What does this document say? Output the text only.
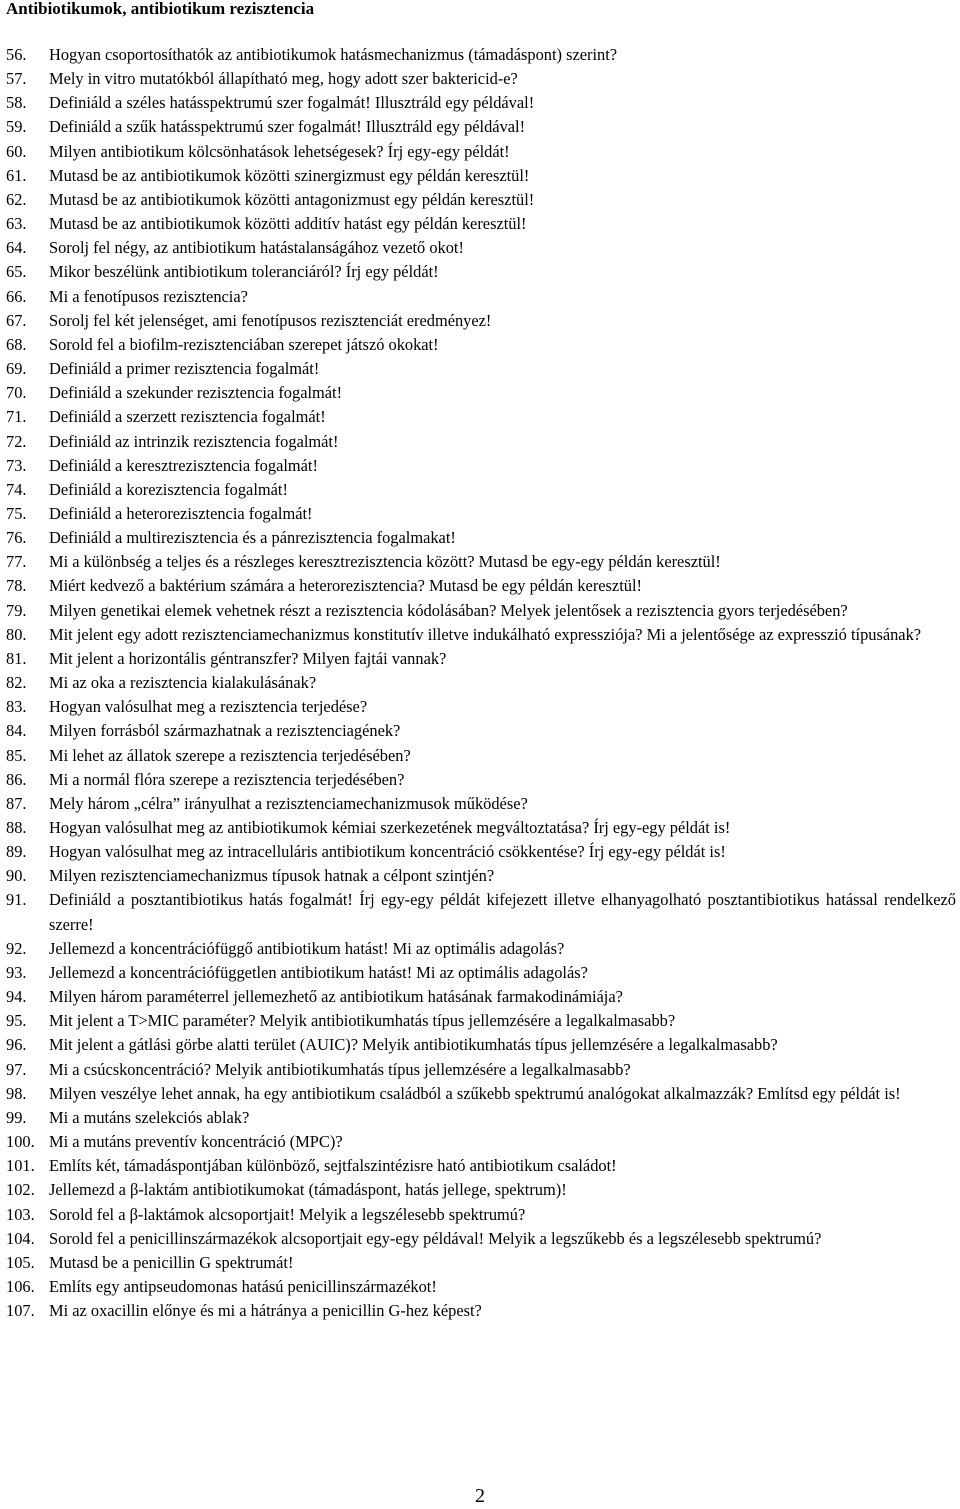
Antibiotikumok, antibiotikum rezisztencia
56.	Hogyan csoportosíthatók az antibiotikumok hatásmechanizmus (támadáspont) szerint?
57.	Mely in vitro mutatókból állapítható meg, hogy adott szer baktericid-e?
58.	Definiáld a széles hatásspektrumú szer fogalmát! Illusztráld egy példával!
59.	Definiáld a szűk hatásspektrumú szer fogalmát! Illusztráld egy példával!
60.	Milyen antibiotikum kölcsönhatások lehetségesek? Írj egy-egy példát!
61.	Mutasd be az antibiotikumok közötti szinergizmust egy példán keresztül!
62.	Mutasd be az antibiotikumok közötti antagonizmust egy példán keresztül!
63.	Mutasd be az antibiotikumok közötti additív hatást egy példán keresztül!
64.	Sorolj fel négy, az antibiotikum hatástalanságához vezető okot!
65.	Mikor beszélünk antibiotikum toleranciáról? Írj egy példát!
66.	Mi a fenotípusos rezisztencia?
67.	Sorolj fel két jelenséget, ami fenotípusos rezisztenciát eredményez!
68.	Sorold fel a biofilm-rezisztenciában szerepet játszó okokat!
69.	Definiáld a primer rezisztencia fogalmát!
70.	Definiáld a szekunder rezisztencia fogalmát!
71.	Definiáld a szerzett rezisztencia fogalmát!
72.	Definiáld az intrinzik rezisztencia fogalmát!
73.	Definiáld a keresztrezisztencia fogalmát!
74.	Definiáld a korezisztencia fogalmát!
75.	Definiáld a heterorezisztencia fogalmát!
76.	Definiáld a multirezisztencia és a pánrezisztencia fogalmakat!
77.	Mi a különbség a teljes és a részleges keresztrezisztencia között? Mutasd be egy-egy példán keresztül!
78.	Miért kedvező a baktérium számára a heterorezisztencia? Mutasd be egy példán keresztül!
79.	Milyen genetikai elemek vehetnek részt a rezisztencia kódolásában? Melyek jelentősek a rezisztencia gyors terjedésében?
80.	Mit jelent egy adott rezisztenciamechanizmus konstitutív illetve indukálható expressziója? Mi a jelentősége az expresszió típusának?
81.	Mit jelent a horizontális géntranszfer? Milyen fajtái vannak?
82.	Mi az oka a rezisztencia kialakulásának?
83.	Hogyan valósulhat meg a rezisztencia terjedése?
84.	Milyen forrásból származhatnak a rezisztenciagének?
85.	Mi lehet az állatok szerepe a rezisztencia terjedésében?
86.	Mi a normál flóra szerepe a rezisztencia terjedésében?
87.	Mely három „célra” irányulhat a rezisztenciamechanizmusok működése?
88.	Hogyan valósulhat meg az antibiotikumok kémiai szerkezetének megváltoztatása? Írj egy-egy példát is!
89.	Hogyan valósulhat meg az intracelluláris antibiotikum koncentráció csökkentése? Írj egy-egy példát is!
90.	Milyen rezisztenciamechanizmus típusok hatnak a célpont szintjén?
91.	Definiáld a posztantibiotikus hatás fogalmát! Írj egy-egy példát kifejezett illetve elhanyagolható posztantibiotikus hatással rendelkező szerre!
92.	Jellemezd a koncentrációfüggő antibiotikum hatást! Mi az optimális adagolás?
93.	Jellemezd a koncentrációfüggetlen antibiotikum hatást! Mi az optimális adagolás?
94.	Milyen három paraméterrel jellemezhető az antibiotikum hatásának farmakodinámiája?
95.	Mit jelent a T>MIC paraméter? Melyik antibiotikumhatás típus jellemzésére a legalkalmasabb?
96.	Mit jelent a gátlási görbe alatti terület (AUIC)? Melyik antibiotikumhatás típus jellemzésére a legalkalmasabb?
97.	Mi a csúcskoncentráció? Melyik antibiotikumhatás típus jellemzésére a legalkalmasabb?
98.	Milyen veszélye lehet annak, ha egy antibiotikum családból a szűkebb spektrumú analógokat alkalmazzák? Említsd egy példát is!
99.	Mi a mutáns szelekciós ablak?
100. Mi a mutáns preventív koncentráció (MPC)?
101. Említs két, támadáspontjában különböző, sejtfalszintézisre ható antibiotikum családot!
102. Jellemezd a β-laktám antibiotikumokat (támadáspont, hatás jellege, spektrum)!
103. Sorold fel a β-laktámok alcsoportjait! Melyik a legszélesebb spektrumú?
104. Sorold fel a penicillinszármazékok alcsoportjait egy-egy példával! Melyik a legszűkebb és a legszélesebb spektrumú?
105. Mutasd be a penicillin G spektrumát!
106. Említs egy antipseudomonas hatású penicillinszármazékot!
107. Mi az oxacillin előnye és mi a hátránya a penicillin G-hez képest?
2
